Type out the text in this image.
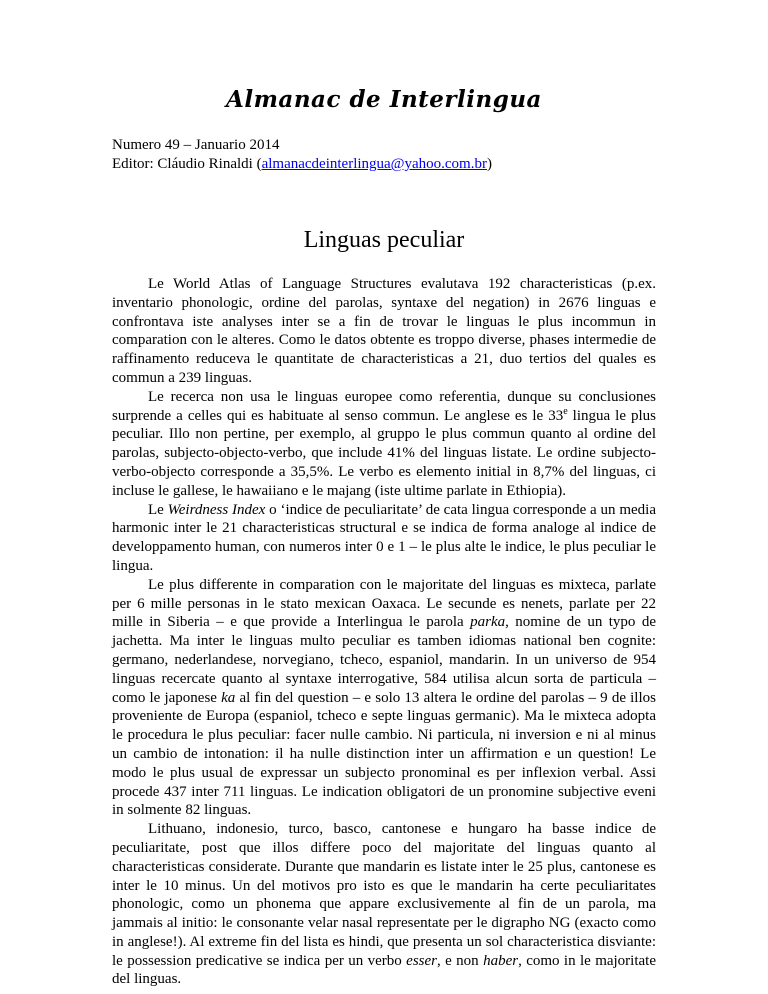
Almanac de Interlingua
Numero 49 – Januario 2014
Editor: Cláudio Rinaldi (almanacdeinterlingua@yahoo.com.br)
Linguas peculiar

Le World Atlas of Language Structures evalutava 192 characteristicas (p.ex. inventario phonologic, ordine del parolas, syntaxe del negation) in 2676 linguas e confrontava iste analyses inter se a fin de trovar le linguas le plus incommun in comparation con le alteres. Como le datos obtente es troppo diverse, phases intermedie de raffinamento reduceva le quantitate de characteristicas a 21, duo tertios del quales es commun a 239 linguas.

Le recerca non usa le linguas europee como referentia, dunque su conclusiones surprende a celles qui es habituate al senso commun. Le anglese es le 33e lingua le plus peculiar. Illo non pertine, per exemplo, al gruppo le plus commun quanto al ordine del parolas, subjecto-objecto-verbo, que include 41% del linguas listate. Le ordine subjecto-verbo-objecto corresponde a 35,5%. Le verbo es elemento initial in 8,7% del linguas, ci incluse le gallese, le hawaiiano e le majang (iste ultime parlate in Ethiopia).

Le Weirdness Index o ‘indice de peculiaritate’ de cata lingua corresponde a un media harmonic inter le 21 characteristicas structural e se indica de forma analoge al indice de developpamento human, con numeros inter 0 e 1 – le plus alte le indice, le plus peculiar le lingua.

Le plus differente in comparation con le majoritate del linguas es mixteca, parlate per 6 mille personas in le stato mexican Oaxaca. Le secunde es nenets, parlate per 22 mille in Siberia – e que provide a Interlingua le parola parka, nomine de un typo de jachetta. Ma inter le linguas multo peculiar es tamben idiomas national ben cognite: germano, nederlandese, norvegiano, tcheco, espaniol, mandarin. In un universo de 954 linguas recercate quanto al syntaxe interrogative, 584 utilisa alcun sorta de particula – como le japonese ka al fin del question – e solo 13 altera le ordine del parolas – 9 de illos proveniente de Europa (espaniol, tcheco e septe linguas germanic). Ma le mixteca adopta le procedura le plus peculiar: facer nulle cambio. Ni particula, ni inversion e ni al minus un cambio de intonation: il ha nulle distinction inter un affirmation e un question! Le modo le plus usual de expressar un subjecto pronominal es per inflexion verbal. Assi procede 437 inter 711 linguas. Le indication obligatori de un pronomine subjective eveni in solmente 82 linguas.

Lithuano, indonesio, turco, basco, cantonese e hungaro ha basse indice de peculiaritate, post que illos differe poco del majoritate del linguas quanto al characteristicas considerate. Durante que mandarin es listate inter le 25 plus, cantonese es inter le 10 minus. Un del motivos pro isto es que le mandarin ha certe peculiaritates phonologic, como un phonema que appare exclusivemente al fin de un parola, ma jammais al initio: le consonante velar nasal representate per le digrapho NG (exacto como in anglese!). Al extreme fin del lista es hindi, que presenta un sol characteristica disviante: le possession predicative se indica per un verbo esser, e non haber, como in le majoritate del linguas.
